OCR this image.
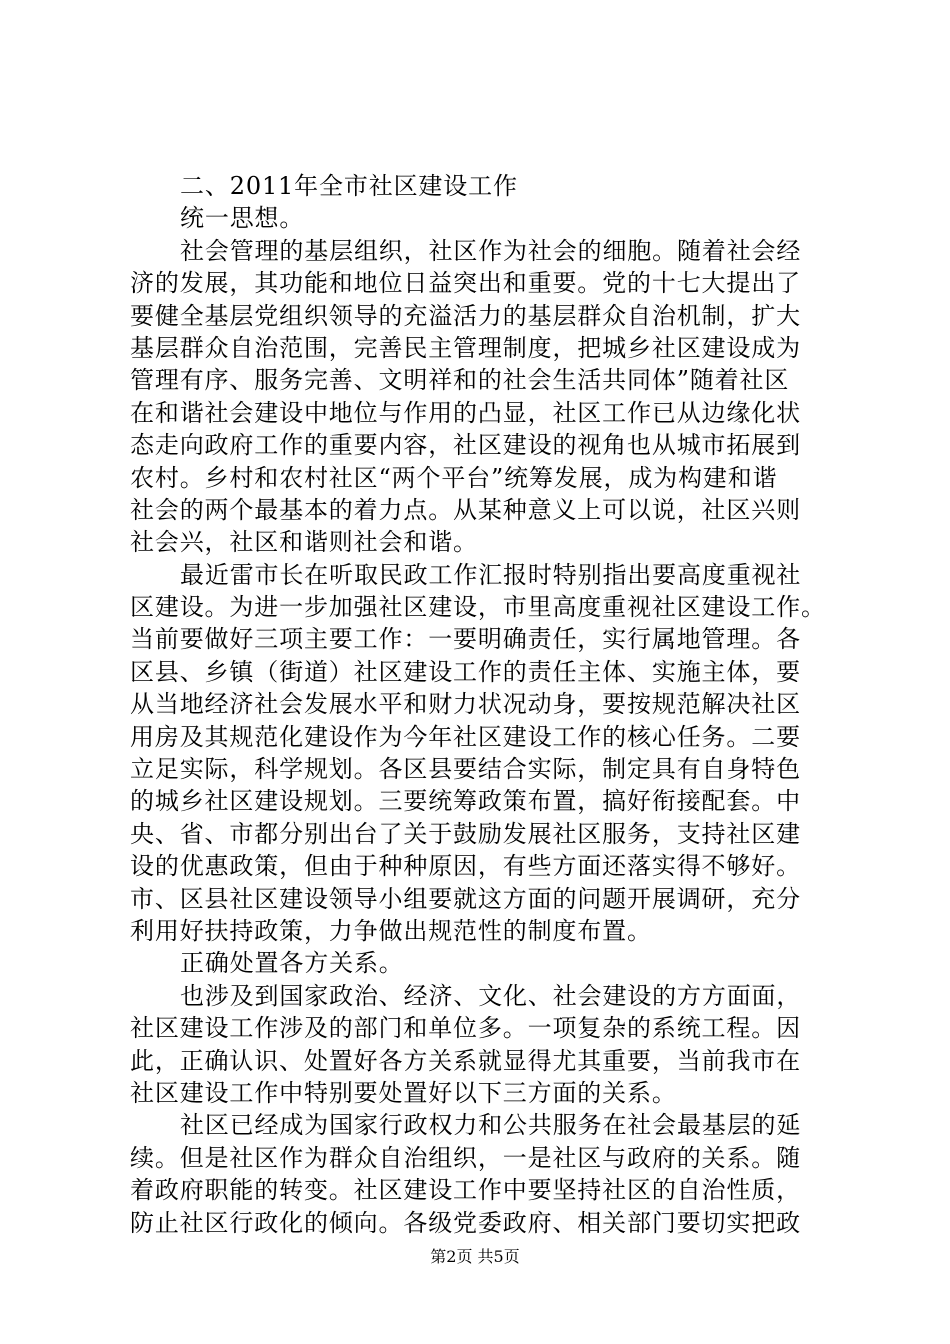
二、2011年全市社区建设工作
统一思想。
社会管理的基层组织，社区作为社会的细胞。随着社会经
济的发展，其功能和地位日益突出和重要。党的十七大提出了
要健全基层党组织领导的充溢活力的基层群众自治机制，扩大
基层群众自治范围，完善民主管理制度，把城乡社区建设成为
管理有序、服务完善、文明祥和的社会生活共同体”随着社区
在和谐社会建设中地位与作用的凸显，社区工作已从边缘化状
态走向政府工作的重要内容，社区建设的视角也从城市拓展到
农村。乡村和农村社区“两个平台”统筹发展，成为构建和谐
社会的两个最基本的着力点。从某种意义上可以说，社区兴则
社会兴，社区和谐则社会和谐。
最近雷市长在听取民政工作汇报时特别指出要高度重视社
区建设。为进一步加强社区建设，市里高度重视社区建设工作。
当前要做好三项主要工作：一要明确责任，实行属地管理。各
区县、乡镇（街道）社区建设工作的责任主体、实施主体，要
从当地经济社会发展水平和财力状况动身，要按规范解决社区
用房及其规范化建设作为今年社区建设工作的核心任务。二要
立足实际，科学规划。各区县要结合实际，制定具有自身特色
的城乡社区建设规划。三要统筹政策布置，搞好衔接配套。中
央、省、市都分别出台了关于鼓励发展社区服务，支持社区建
设的优惠政策，但由于种种原因，有些方面还落实得不够好。
市、区县社区建设领导小组要就这方面的问题开展调研，充分
利用好扶持政策，力争做出规范性的制度布置。
正确处置各方关系。
也涉及到国家政治、经济、文化、社会建设的方方面面，
社区建设工作涉及的部门和单位多。一项复杂的系统工程。因
此，正确认识、处置好各方关系就显得尤其重要，当前我市在
社区建设工作中特别要处置好以下三方面的关系。
社区已经成为国家行政权力和公共服务在社会最基层的延
续。但是社区作为群众自治组织，一是社区与政府的关系。随
着政府职能的转变。社区建设工作中要坚持社区的自治性质，
防止社区行政化的倾向。各级党委政府、相关部门要切实把政
第2页 共5页
